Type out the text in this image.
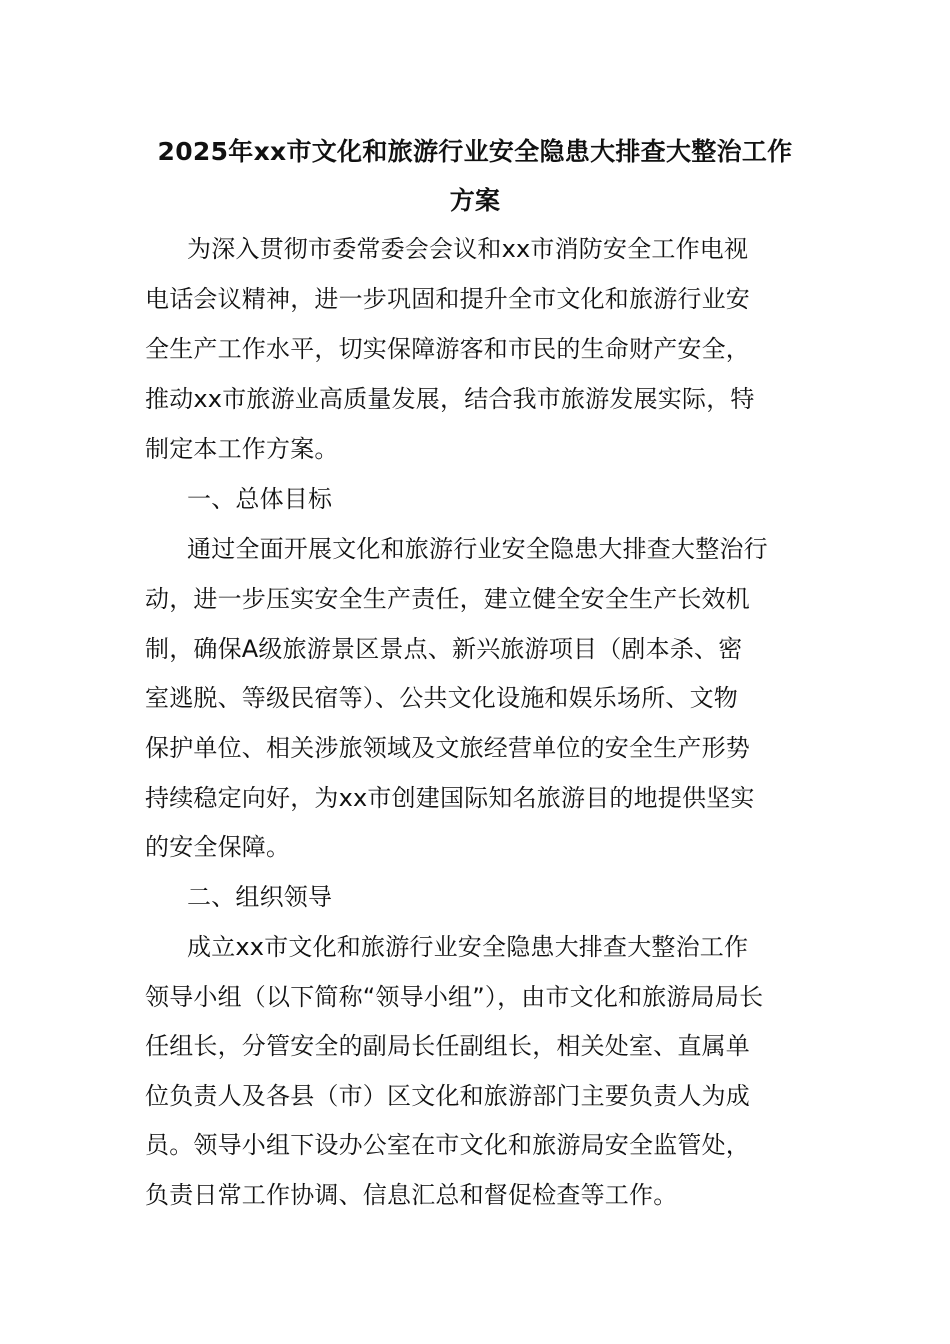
2025年xx市文化和旅游行业安全隐患大排查大整治工作
方案
为深入贯彻市委常委会会议和xx市消防安全工作电视
电话会议精神，进一步巩固和提升全市文化和旅游行业安
全生产工作水平，切实保障游客和市民的生命财产安全，
推动xx市旅游业高质量发展，结合我市旅游发展实际，特
制定本工作方案。
一、总体目标
通过全面开展文化和旅游行业安全隐患大排查大整治行
动，进一步压实安全生产责任，建立健全安全生产长效机
制，确保A级旅游景区景点、新兴旅游项目（剧本杀、密
室逃脱、等级民宿等）、公共文化设施和娱乐场所、文物
保护单位、相关涉旅领域及文旅经营单位的安全生产形势
持续稳定向好，为xx市创建国际知名旅游目的地提供坚实
的安全保障。
二、组织领导
成立xx市文化和旅游行业安全隐患大排查大整治工作
领导小组（以下简称“领导小组”），由市文化和旅游局局长
任组长，分管安全的副局长任副组长，相关处室、直属单
位负责人及各县（市）区文化和旅游部门主要负责人为成
员。领导小组下设办公室在市文化和旅游局安全监管处，
负责日常工作协调、信息汇总和督促检查等工作。
